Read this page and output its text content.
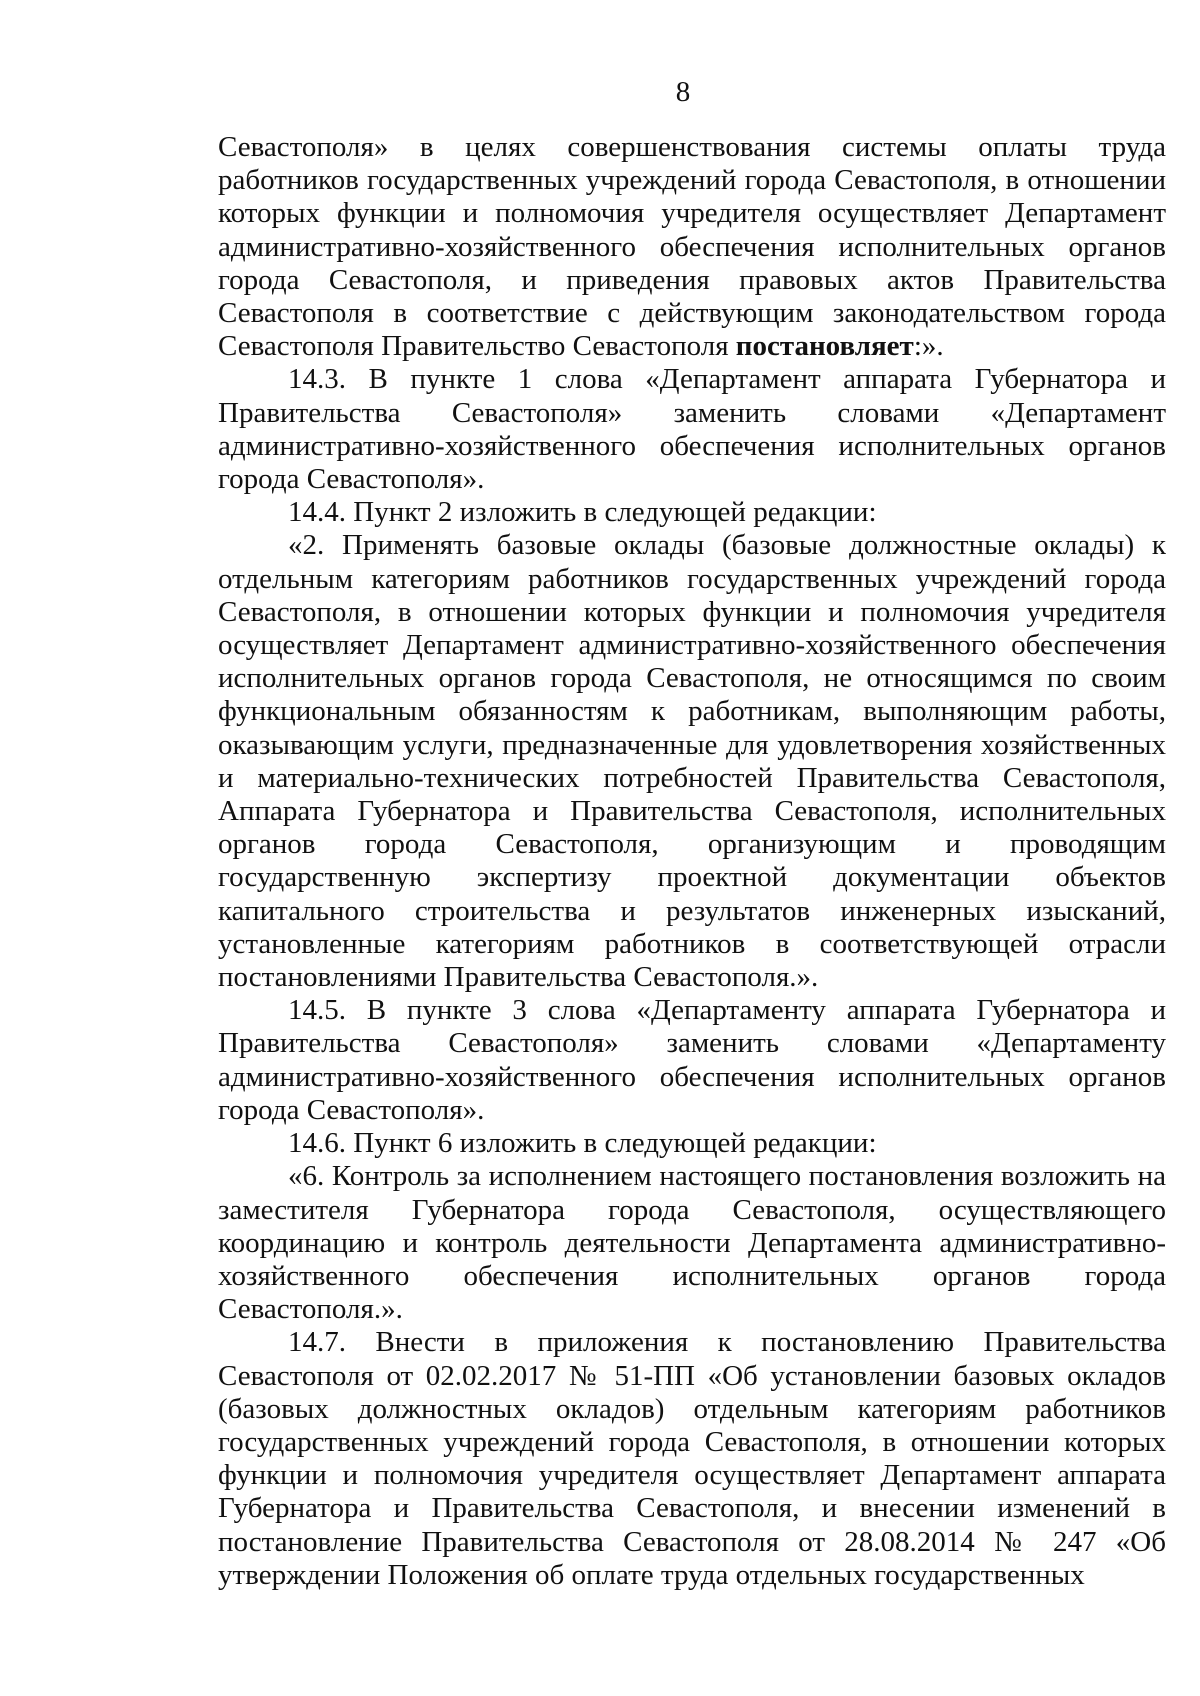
8

Севастополя» в целях совершенствования системы оплаты труда работников государственных учреждений города Севастополя, в отношении которых функции и полномочия учредителя осуществляет Департамент административно-хозяйственного обеспечения исполнительных органов города Севастополя, и приведения правовых актов Правительства Севастополя в соответствие с действующим законодательством города Севастополя Правительство Севастополя постановляет:».

14.3. В пункте 1 слова «Департамент аппарата Губернатора и Правительства Севастополя» заменить словами «Департамент административно-хозяйственного обеспечения исполнительных органов города Севастополя».

14.4. Пункт 2 изложить в следующей редакции:

«2. Применять базовые оклады (базовые должностные оклады) к отдельным категориям работников государственных учреждений города Севастополя, в отношении которых функции и полномочия учредителя осуществляет Департамент административно-хозяйственного обеспечения исполнительных органов города Севастополя, не относящимся по своим функциональным обязанностям к работникам, выполняющим работы, оказывающим услуги, предназначенные для удовлетворения хозяйственных и материально-технических потребностей Правительства Севастополя, Аппарата Губернатора и Правительства Севастополя, исполнительных органов города Севастополя, организующим и проводящим государственную экспертизу проектной документации объектов капитального строительства и результатов инженерных изысканий, установленные категориям работников в соответствующей отрасли постановлениями Правительства Севастополя.».

14.5. В пункте 3 слова «Департаменту аппарата Губернатора и Правительства Севастополя» заменить словами «Департаменту административно-хозяйственного обеспечения исполнительных органов города Севастополя».

14.6. Пункт 6 изложить в следующей редакции:

«6. Контроль за исполнением настоящего постановления возложить на заместителя Губернатора города Севастополя, осуществляющего координацию и контроль деятельности Департамента административно-хозяйственного обеспечения исполнительных органов города Севастополя.».

14.7. Внести в приложения к постановлению Правительства Севастополя от 02.02.2017 № 51-ПП «Об установлении базовых окладов (базовых должностных окладов) отдельным категориям работников государственных учреждений города Севастополя, в отношении которых функции и полномочия учредителя осуществляет Департамент аппарата Губернатора и Правительства Севастополя, и внесении изменений в постановление Правительства Севастополя от 28.08.2014 № 247 «Об утверждении Положения об оплате труда отдельных государственных
